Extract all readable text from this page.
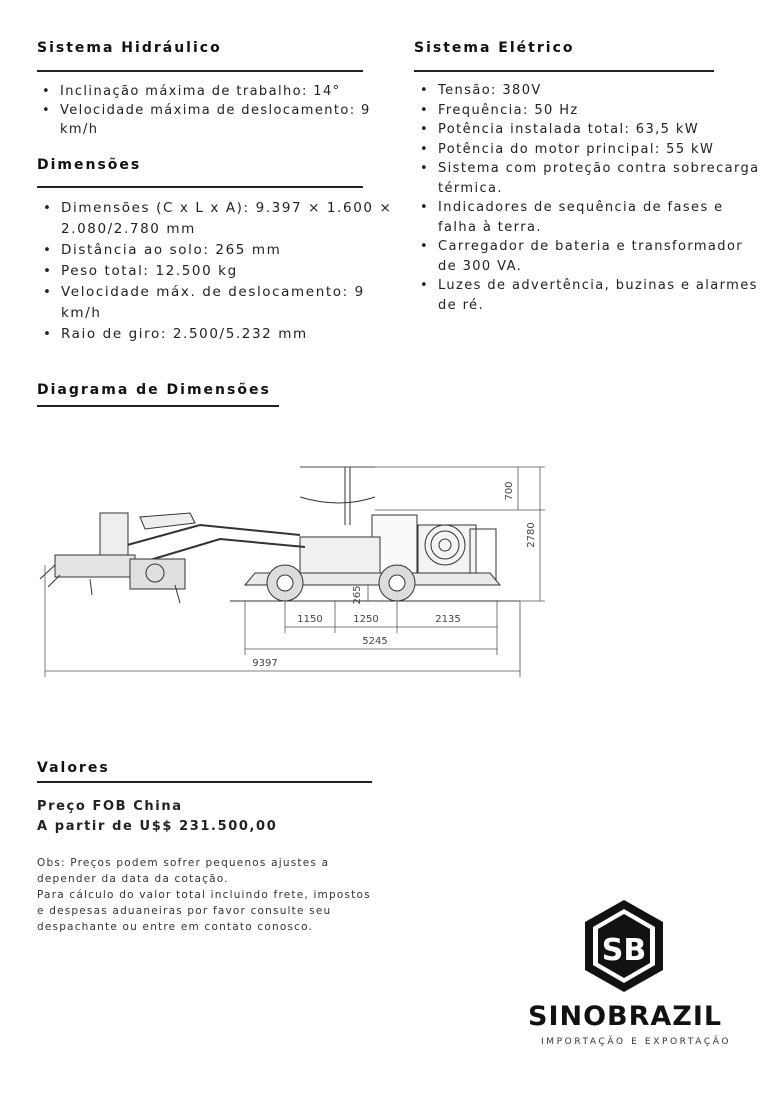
Sistema Hidráulico
• Inclinação máxima de trabalho: 14°
• Velocidade máxima de deslocamento: 9 km/h
Dimensões
• Dimensões (C x L x A): 9.397 × 1.600 × 2.080/2.780 mm
• Distância ao solo: 265 mm
• Peso total: 12.500 kg
• Velocidade máx. de deslocamento: 9 km/h
• Raio de giro: 2.500/5.232 mm
Sistema Elétrico
• Tensão: 380V
• Frequência: 50 Hz
• Potência instalada total: 63,5 kW
• Potência do motor principal: 55 kW
• Sistema com proteção contra sobrecarga térmica.
• Indicadores de sequência de fases e falha à terra.
• Carregador de bateria e transformador de 300 VA.
• Luzes de advertência, buzinas e alarmes de ré.
Diagrama de Dimensões
700
2780
265
1150	1250	2135
5245
9397
Valores
Preço FOB China
A partir de U$$ 231.500,00
Obs: Preços podem sofrer pequenos ajustes a
depender da data da cotação.
Para cálculo do valor total incluindo frete, impostos
e despesas aduaneiras por favor consulte seu
despachante ou entre em contato conosco.
SB
SINOBRAZIL
IMPORTAÇÃO E EXPORTAÇÃO
